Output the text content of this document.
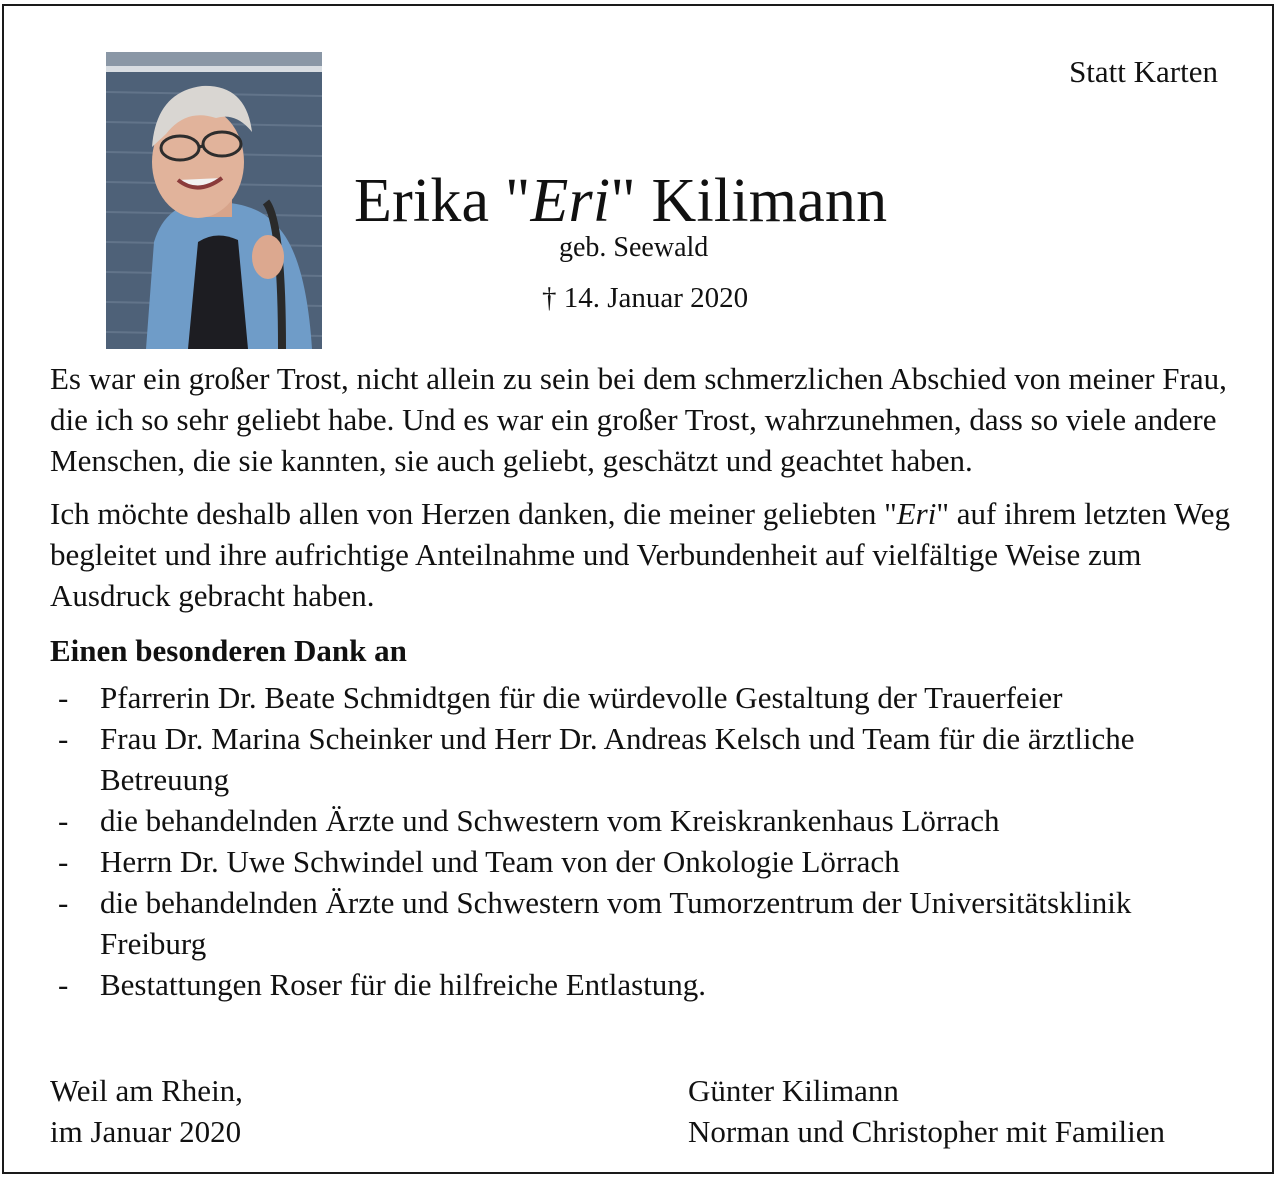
Statt Karten
Erika "Eri" Kilimann
geb. Seewald
† 14. Januar 2020

Es war ein großer Trost, nicht allein zu sein bei dem schmerzlichen Abschied von meiner Frau, die ich so sehr geliebt habe. Und es war ein großer Trost, wahrzunehmen, dass so viele andere Menschen, die sie kannten, sie auch geliebt, geschätzt und geachtet haben.

Ich möchte deshalb allen von Herzen danken, die meiner geliebten "Eri" auf ihrem letzten Weg begleitet und ihre aufrichtige Anteilnahme und Verbundenheit auf vielfältige Weise zum Ausdruck gebracht haben.

Einen besonderen Dank an

- Pfarrerin Dr. Beate Schmidtgen für die würdevolle Gestaltung der Trauerfeier
- Frau Dr. Marina Scheinker und Herr Dr. Andreas Kelsch und Team für die ärztliche Betreuung
- die behandelnden Ärzte und Schwestern vom Kreiskrankenhaus Lörrach
- Herrn Dr. Uwe Schwindel und Team von der Onkologie Lörrach
- die behandelnden Ärzte und Schwestern vom Tumorzentrum der Universitätsklinik Freiburg
- Bestattungen Roser für die hilfreiche Entlastung.
Weil am Rhein,
im Januar 2020
Günter Kilimann
Norman und Christopher mit Familien
